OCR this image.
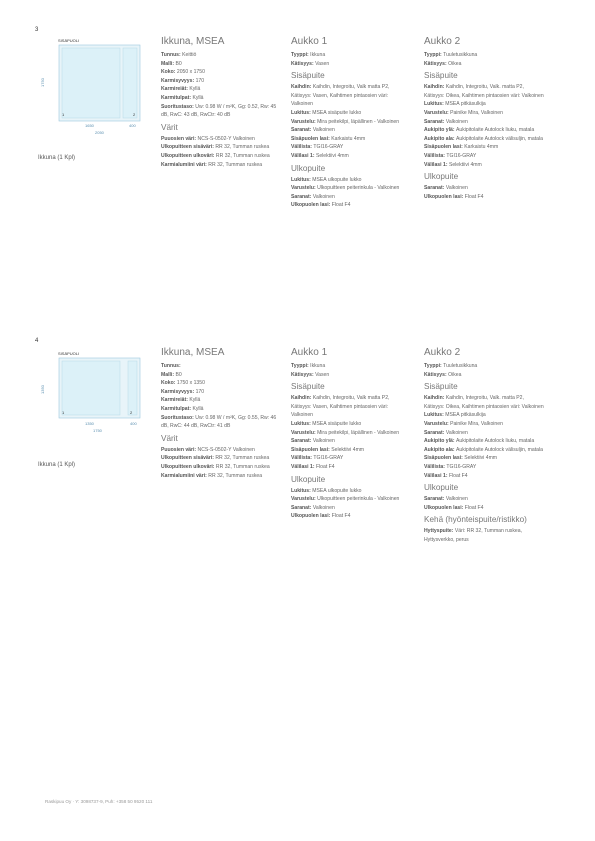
3
SISÄPUOLI
1750
1	2
1650	400
2050
Ikkuna (1 Kpl)
Ikkuna, MSEA
Tunnus: Keittiö
Malli: B0
Koko: 2050 x 1750
Karmisyvyys: 170
Karmireiät: Kyllä
Karmitulpat: Kyllä
Suoritustaso: Uw: 0.98 W / m²K, Gg: 0.52, Rw: 45 dB, RwC: 43 dB, RwCtr: 40 dB
Värit
Puuosien väri: NCS-S-0502-Y Valkoinen
Ulkopuitteen sisäväri: RR 32, Tumman ruskea
Ulkopuitteen ulkoväri: RR 32, Tumman ruskea
Karmialumiini väri: RR 32, Tumman ruskea
Aukko 1
Tyyppi: Ikkuna
Kätisyys: Vasen
Sisäpuite
Kaihdin: Kaihdin, Integroitu, Valk matta P2, Kätisyys: Vasen, Kaihtimen pintaosien väri: Valkoinen
Lukitus: MSEA sisäpuite lukko
Varustelu: Mira peitekilpi, läpällinen - Valkoinen
Saranat: Valkoinen
Sisäpuolen lasi: Karkaistu 4mm
Välilista: TGI16-GRAY
Välilasi 1: Selektiivi 4mm
Ulkopuite
Lukitus: MSEA ulkopuite lukko
Varustelu: Ulkopuitteen peiterinkula - Valkoinen
Saranat: Valkoinen
Ulkopuolen lasi: Float F4
Aukko 2
Tyyppi: Tuuletusikkuna
Kätisyys: Oikea
Sisäpuite
Kaihdin: Kaihdin, Integroitu, Valk. matta P2, Kätisyys: Oikea, Kaihtimen pintaosien väri: Valkoinen
Lukitus: MSEA pitkäsulkija
Varustelu: Painike Mira, Valkoinen
Saranat: Valkoinen
Aukipito ylä: Aukipitolaite Autolock liuku, matala
Aukipito ala: Aukipitolaite Autolock välisuljin, matala
Sisäpuolen lasi: Karkaistu 4mm
Välilista: TGI16-GRAY
Välilasi 1: Selektiivi 4mm
Ulkopuite
Saranat: Valkoinen
Ulkopuolen lasi: Float F4
4
SISÄPUOLI
1350
1	2
1350	400
1750
Ikkuna (1 Kpl)
Ikkuna, MSEA
Tunnus:
Malli: B0
Koko: 1750 x 1350
Karmisyvyys: 170
Karmireiät: Kyllä
Karmitulpat: Kyllä
Suoritustaso: Uw: 0.98 W / m²K, Gg: 0.55, Rw: 46 dB, RwC: 44 dB, RwCtr: 41 dB
Värit
Puuosien väri: NCS-S-0502-Y Valkoinen
Ulkopuitteen sisäväri: RR 32, Tumman ruskea
Ulkopuitteen ulkoväri: RR 32, Tumman ruskea
Karmialumiini väri: RR 32, Tumman ruskea
Aukko 1
Tyyppi: Ikkuna
Kätisyys: Vasen
Sisäpuite
Kaihdin: Kaihdin, Integroitu, Valk matta P2, Kätisyys: Vasen, Kaihtimen pintaosien väri: Valkoinen
Lukitus: MSEA sisäpuite lukko
Varustelu: Mira peitekilpi, läpällinen - Valkoinen
Saranat: Valkoinen
Sisäpuolen lasi: Selektiivi 4mm
Välilista: TGI16-GRAY
Välilasi 1: Float F4
Ulkopuite
Lukitus: MSEA ulkopuite lukko
Varustelu: Ulkopuitteen peiterinkula - Valkoinen
Saranat: Valkoinen
Ulkopuolen lasi: Float F4
Aukko 2
Tyyppi: Tuuletusikkuna
Kätisyys: Oikea
Sisäpuite
Kaihdin: Kaihdin, Integroitu, Valk. matta P2, Kätisyys: Oikea, Kaihtimen pintaosien väri: Valkoinen
Lukitus: MSEA pitkäsulkija
Varustelu: Painike Mira, Valkoinen
Saranat: Valkoinen
Aukipito ylä: Aukipitolaite Autolock liuku, matala
Aukipito ala: Aukipitolaite Autolock välisuljin, matala
Sisäpuolen lasi: Selektiivi 4mm
Välilista: TGI16-GRAY
Välilasi 1: Float F4
Ulkopuite
Saranat: Valkoinen
Ulkopuolen lasi: Float F4
Kehä (hyönteispuite/ristikko)
Hyttyspuite: Väri: RR 32, Tumman ruskea, Hyttysverkko, perus
Raskipuu Oy · Y: 3098737-9, Puh: +358 50 9520 111
